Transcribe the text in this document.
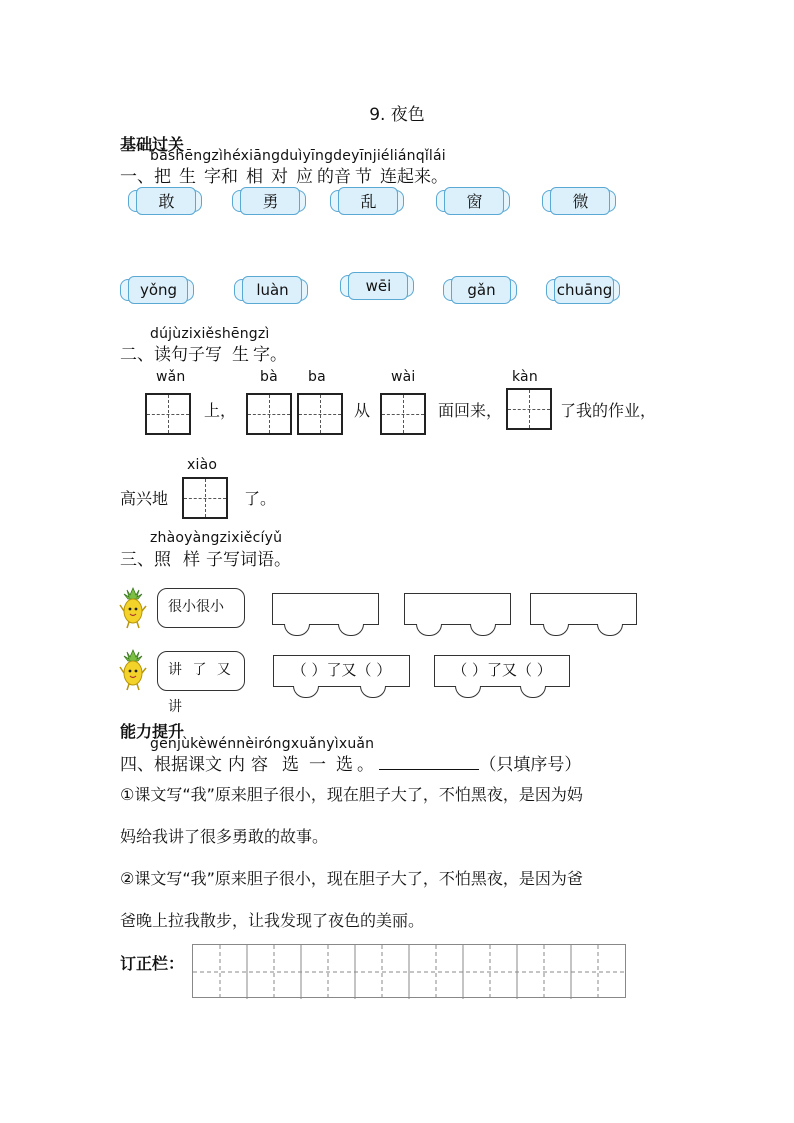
9. 夜色
基础过关
bǎshēngzìhéxiāngduìyīngdeyīnjiéliánqǐlái
一、把 生 字和 相 对 应 的音 节 连起来。
敢	勇	乱	窗	微
yǒng	luàn	wēi	gǎn	chuāng
dújùzixiěshēngzì
二、读句子写 生 字。
wǎn	bà ba	wài	kàn
上，	从	面回来，	了我的作业，
xiào
高兴地	了。
zhàoyàngzixiěcíyǔ
三、照 样 子写词语。
很小很小
讲 了 又 讲
（ ）了又（ ）	（ ）了又（ ）
能力提升
gēnjùkèwénnèiróngxuǎnyìxuǎn
四、根据课文 内 容 选 一 选 。	（只填序号）
①课文写“我”原来胆子很小，现在胆子大了，不怕黑夜，是因为妈
妈给我讲了很多勇敢的故事。
②课文写“我”原来胆子很小，现在胆子大了，不怕黑夜，是因为爸
爸晚上拉我散步，让我发现了夜色的美丽。
订正栏：
